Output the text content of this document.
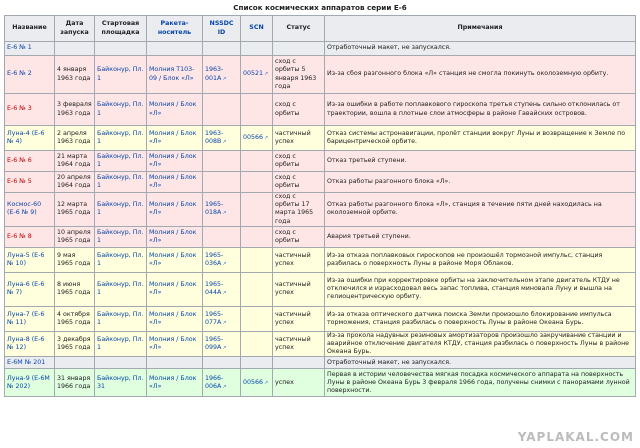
Список космических аппаратов серии Е-6
Название	Дата запуска	Стартовая площадка	Ракета-носитель	NSSDC ID	SCN	Статус	Примечания
Е-6 № 1							Отработочный макет, не запускался.
Е-6 № 2	4 января 1963 года	Байконур, Пл. 1	Молния Т103-09 / Блок «Л»	1963-001A ↗	00521 ↗	сход с орбиты 5 января 1963 года	Из-за сбоя разгонного блока «Л» станция не смогла покинуть околоземную орбиту.
Е-6 № 3	3 февраля 1963 года	Байконур, Пл. 1	Молния / Блок «Л»			сход с орбиты	Из-за ошибки в работе поплавкового гироскопа третья ступень сильно отклонилась от траектории, вошла в плотные слои атмосферы в районе Гавайских островов.
Луна-4 (Е-6 № 4)	2 апреля 1963 года	Байконур, Пл. 1	Молния / Блок «Л»	1963-008B ↗	00566 ↗	частичный успех	Отказ системы астронавигации, пролёт станции вокруг Луны и возвращение к Земле по барицентрической орбите.
Е-6 № 6	21 марта 1964 года	Байконур, Пл. 1	Молния / Блок «Л»			сход с орбиты	Отказ третьей ступени.
Е-6 № 5	20 апреля 1964 года	Байконур, Пл. 1	Молния / Блок «Л»			сход с орбиты	Отказ работы разгонного блока «Л».
Космос-60 (Е-6 № 9)	12 марта 1965 года	Байконур, Пл. 1	Молния / Блок «Л»	1965-018A ↗		сход с орбиты 17 марта 1965 года	Отказ работы разгонного блока «Л», станция в течение пяти дней находилась на околоземной орбите.
Е-6 № 8	10 апреля 1965 года	Байконур, Пл. 1	Молния / Блок «Л»			сход с орбиты	Авария третьей ступени.
Луна-5 (Е-6 № 10)	9 мая 1965 года	Байконур, Пл. 1	Молния / Блок «Л»	1965-036A ↗		частичный успех	Из-за отказа поплавковых гироскопов не произошёл тормозной импульс, станция разбилась о поверхность Луны в районе Моря Облаков.
Луна-6 (Е-6 № 7)	8 июня 1965 года	Байконур, Пл. 1	Молния / Блок «Л»	1965-044A ↗		частичный успех	Из-за ошибки при корректировке орбиты на заключительном этапе двигатель КТДУ не отключился и израсходовал весь запас топлива, станция миновала Луну и вышла на гелиоцентрическую орбиту.
Луна-7 (Е-6 № 11)	4 октября 1965 года	Байконур, Пл. 1	Молния / Блок «Л»	1965-077A ↗		частичный успех	Из-за отказа оптического датчика поиска Земли произошло блокирование импульса торможения, станция разбилась о поверхность Луны в районе Океана Бурь.
Луна-8 (Е-6 № 12)	3 декабря 1965 года	Байконур, Пл. 1	Молния / Блок «Л»	1965-099A ↗		частичный успех	Из-за прокола надувных резиновых амортизаторов произошло закручивание станции и аварийное отключение двигателя КТДУ, станция разбилась о поверхность Луны в районе Океана Бурь.
Е-6М № 201							Отработочный макет, не запускался.
Луна-9 (Е-6М № 202)	31 января 1966 года	Байконур, Пл. 31	Молния / Блок «Л»	1966-006A ↗	00566 ↗	успех	Первая в истории человечества мягкая посадка космического аппарата на поверхность Луны в районе Океана Бурь 3 февраля 1966 года, получены снимки с панорамами лунной поверхности.
YAPLAKAL.COM
